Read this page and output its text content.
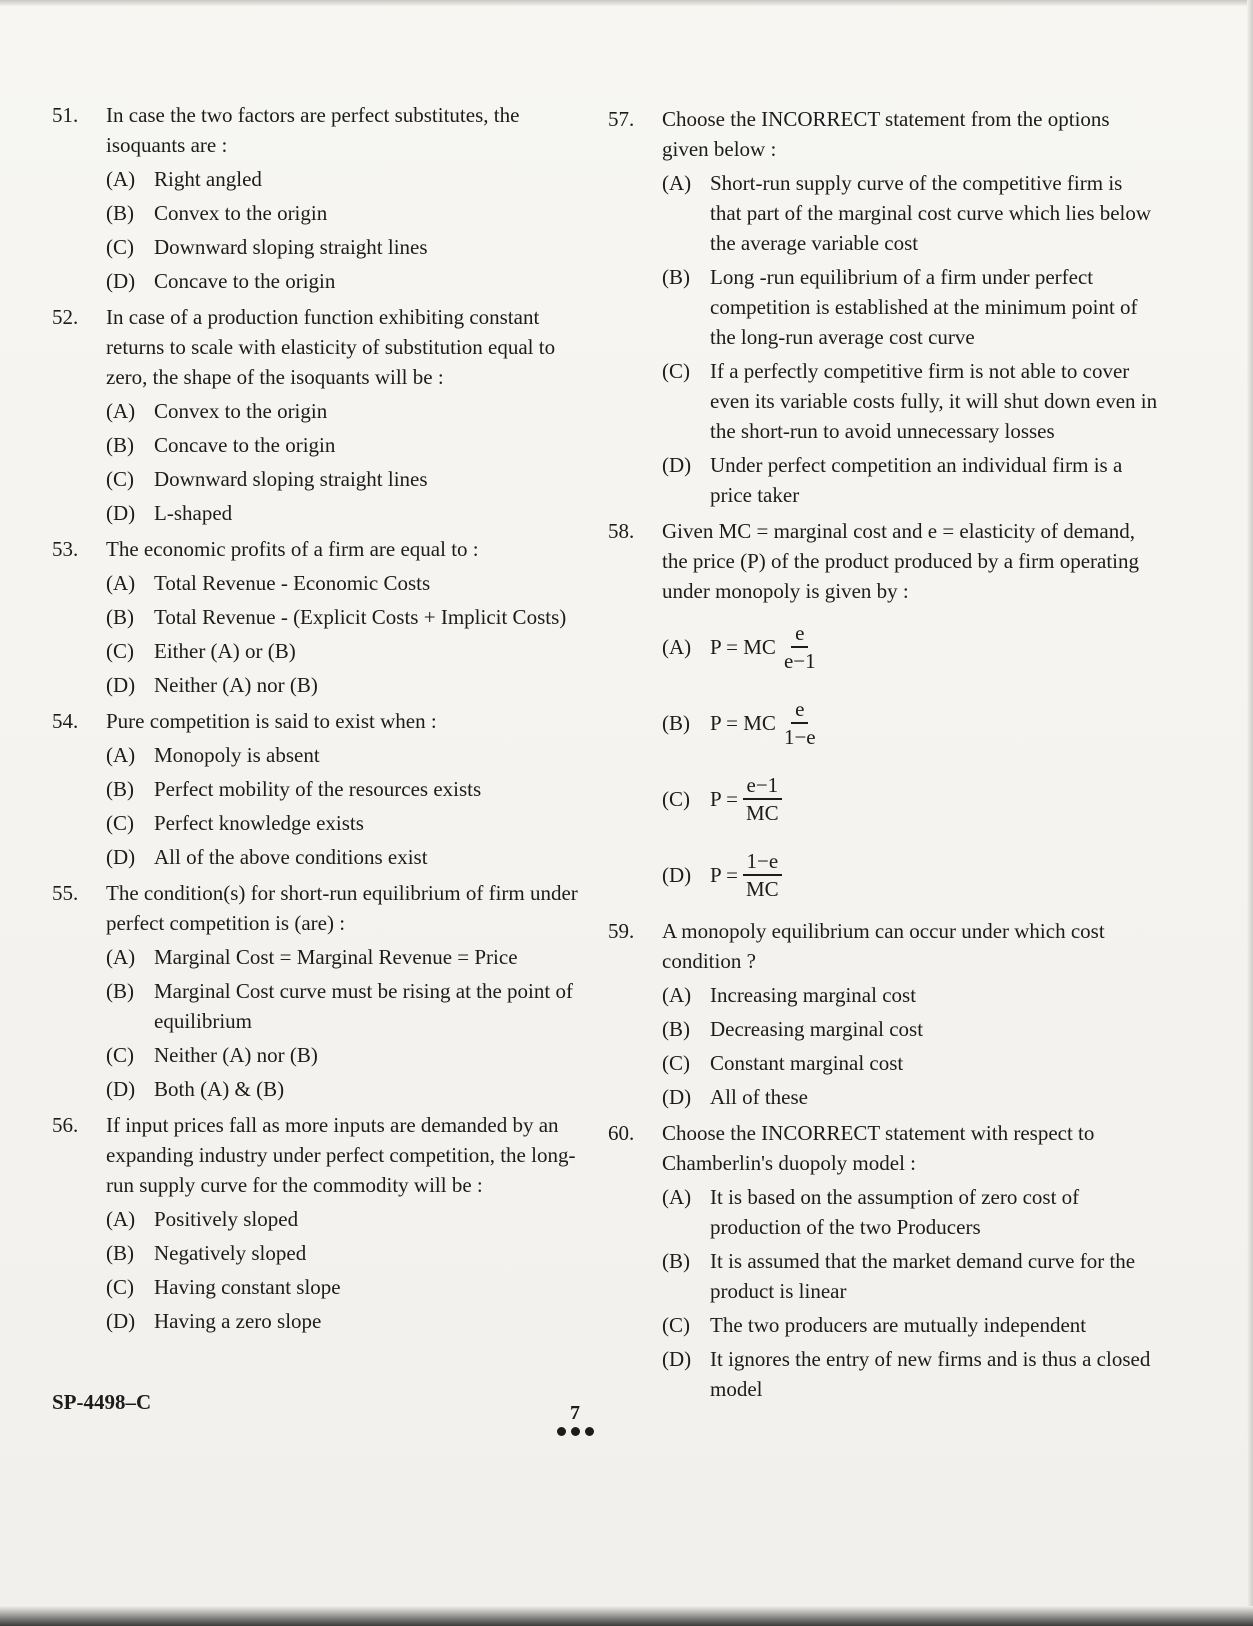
51.	In case the two factors are perfect substitutes, the isoquants are :
(A) Right angled
(B) Convex to the origin
(C) Downward sloping straight lines
(D) Concave to the origin
52.	In case of a production function exhibiting constant returns to scale with elasticity of substitution equal to zero, the shape of the isoquants will be :
(A) Convex to the origin
(B) Concave to the origin
(C) Downward sloping straight lines
(D) L-shaped
53.	The economic profits of a firm are equal to :
(A) Total Revenue - Economic Costs
(B) Total Revenue - (Explicit Costs + Implicit Costs)
(C) Either (A) or (B)
(D) Neither (A) nor (B)
54.	Pure competition is said to exist when :
(A) Monopoly is absent
(B) Perfect mobility of the resources exists
(C) Perfect knowledge exists
(D) All of the above conditions exist
55.	The condition(s) for short-run equilibrium of firm under perfect competition is (are) :
(A) Marginal Cost = Marginal Revenue = Price
(B) Marginal Cost curve must be rising at the point of equilibrium
(C) Neither (A) nor (B)
(D) Both (A) & (B)
56.	If input prices fall as more inputs are demanded by an expanding industry under perfect competition, the long-run supply curve for the commodity will be :
(A) Positively sloped
(B) Negatively sloped
(C) Having constant slope
(D) Having a zero slope
57.	Choose the INCORRECT statement from the options given below :
(A) Short-run supply curve of the competitive firm is that part of the marginal cost curve which lies below the average variable cost
(B) Long -run equilibrium of a firm under perfect competition is established at the minimum point of the long-run average cost curve
(C) If a perfectly competitive firm is not able to cover even its variable costs fully, it will shut down even in the short-run to avoid unnecessary losses
(D) Under perfect competition an individual firm is a price taker
58.	Given MC = marginal cost and e = elasticity of demand, the price (P) of the product produced by a firm operating under monopoly is given by :
(A) P = MC $\frac{e}{e-1}$
(B) P = MC $\frac{e}{1-e}$
(C) $P = \frac{e-1}{MC}$
(D) $P = \frac{1-e}{MC}$
59.	A monopoly equilibrium can occur under which cost condition ?
(A) Increasing marginal cost
(B) Decreasing marginal cost
(C) Constant marginal cost
(D) All of these
60.	Choose the INCORRECT statement with respect to Chamberlin's duopoly model :
(A) It is based on the assumption of zero cost of production of the two Producers
(B) It is assumed that the market demand curve for the product is linear
(C) The two producers are mutually independent
(D) It ignores the entry of new firms and is thus a closed model
SP-4498–C	7
